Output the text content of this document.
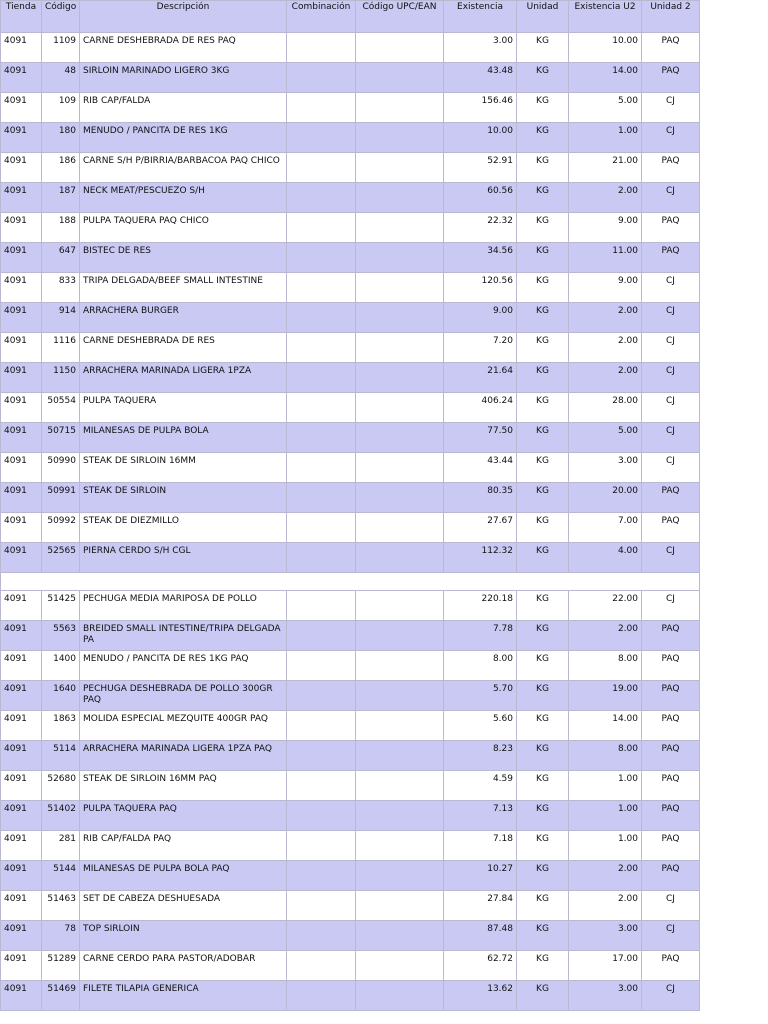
Tienda	Código	Descripción	Combinación	Código UPC/EAN	Existencia	Unidad	Existencia U2	Unidad 2
4091	1109	CARNE DESHEBRADA DE RES PAQ			3.00	KG	10.00	PAQ
4091	48	SIRLOIN MARINADO LIGERO 3KG			43.48	KG	14.00	PAQ
4091	109	RIB CAP/FALDA			156.46	KG	5.00	CJ
4091	180	MENUDO / PANCITA DE RES 1KG			10.00	KG	1.00	CJ
4091	186	CARNE S/H P/BIRRIA/BARBACOA PAQ CHICO			52.91	KG	21.00	PAQ
4091	187	NECK MEAT/PESCUEZO S/H			60.56	KG	2.00	CJ
4091	188	PULPA TAQUERA PAQ CHICO			22.32	KG	9.00	PAQ
4091	647	BISTEC DE RES			34.56	KG	11.00	PAQ
4091	833	TRIPA DELGADA/BEEF SMALL INTESTINE			120.56	KG	9.00	CJ
4091	914	ARRACHERA BURGER			9.00	KG	2.00	CJ
4091	1116	CARNE DESHEBRADA DE RES			7.20	KG	2.00	CJ
4091	1150	ARRACHERA MARINADA LIGERA 1PZA			21.64	KG	2.00	CJ
4091	50554	PULPA TAQUERA			406.24	KG	28.00	CJ
4091	50715	MILANESAS DE PULPA BOLA			77.50	KG	5.00	CJ
4091	50990	STEAK DE SIRLOIN 16MM			43.44	KG	3.00	CJ
4091	50991	STEAK DE SIRLOIN			80.35	KG	20.00	PAQ
4091	50992	STEAK DE DIEZMILLO			27.67	KG	7.00	PAQ
4091	52565	PIERNA CERDO S/H CGL			112.32	KG	4.00	CJ

4091	51425	PECHUGA MEDIA MARIPOSA DE POLLO			220.18	KG	22.00	CJ
4091	5563	BREIDED SMALL INTESTINE/TRIPA DELGADA PA			7.78	KG	2.00	PAQ
4091	1400	MENUDO / PANCITA DE RES 1KG PAQ			8.00	KG	8.00	PAQ
4091	1640	PECHUGA DESHEBRADA DE POLLO 300GR PAQ			5.70	KG	19.00	PAQ
4091	1863	MOLIDA ESPECIAL MEZQUITE 400GR PAQ			5.60	KG	14.00	PAQ
4091	5114	ARRACHERA MARINADA LIGERA 1PZA PAQ			8.23	KG	8.00	PAQ
4091	52680	STEAK DE SIRLOIN 16MM PAQ			4.59	KG	1.00	PAQ
4091	51402	PULPA TAQUERA PAQ			7.13	KG	1.00	PAQ
4091	281	RIB CAP/FALDA PAQ			7.18	KG	1.00	PAQ
4091	5144	MILANESAS DE PULPA BOLA PAQ			10.27	KG	2.00	PAQ
4091	51463	SET DE CABEZA DESHUESADA			27.84	KG	2.00	CJ
4091	78	TOP SIRLOIN			87.48	KG	3.00	CJ
4091	51289	CARNE CERDO PARA PASTOR/ADOBAR			62.72	KG	17.00	PAQ
4091	51469	FILETE TILAPIA GENERICA			13.62	KG	3.00	CJ
